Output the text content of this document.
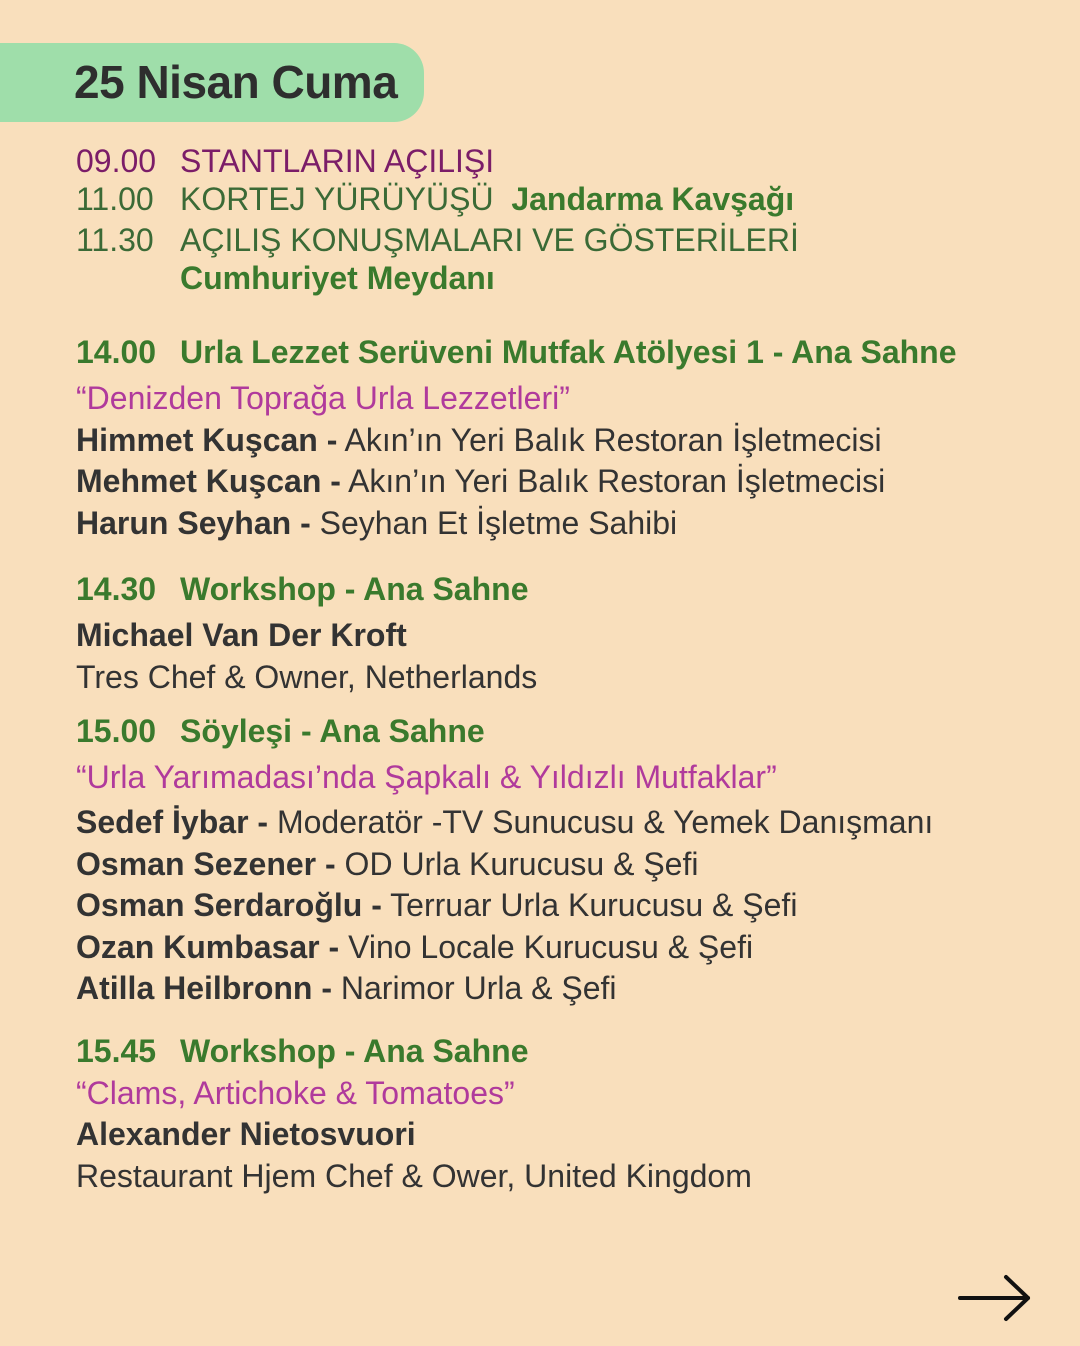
25 Nisan Cuma
09.00 STANTLARIN AÇILIŞI
11.00 KORTEJ YÜRÜYÜŞÜ Jandarma Kavşağı
11.30 AÇILIŞ KONUŞMALARI VE GÖSTERİLERİ
Cumhuriyet Meydanı
14.00 Urla Lezzet Serüveni Mutfak Atölyesi 1 - Ana Sahne
“Denizden Toprağa Urla Lezzetleri”
Himmet Kuşcan - Akın’ın Yeri Balık Restoran İşletmecisi
Mehmet Kuşcan - Akın’ın Yeri Balık Restoran İşletmecisi
Harun Seyhan - Seyhan Et İşletme Sahibi
14.30 Workshop - Ana Sahne
Michael Van Der Kroft
Tres Chef & Owner, Netherlands
15.00 Söyleşi - Ana Sahne
“Urla Yarımadası’nda Şapkalı & Yıldızlı Mutfaklar”
Sedef İybar - Moderatör -TV Sunucusu & Yemek Danışmanı
Osman Sezener - OD Urla Kurucusu & Şefi
Osman Serdaroğlu - Terruar Urla Kurucusu & Şefi
Ozan Kumbasar - Vino Locale Kurucusu & Şefi
Atilla Heilbronn - Narimor Urla & Şefi
15.45 Workshop - Ana Sahne
“Clams, Artichoke & Tomatoes”
Alexander Nietosvuori
Restaurant Hjem Chef & Ower, United Kingdom
